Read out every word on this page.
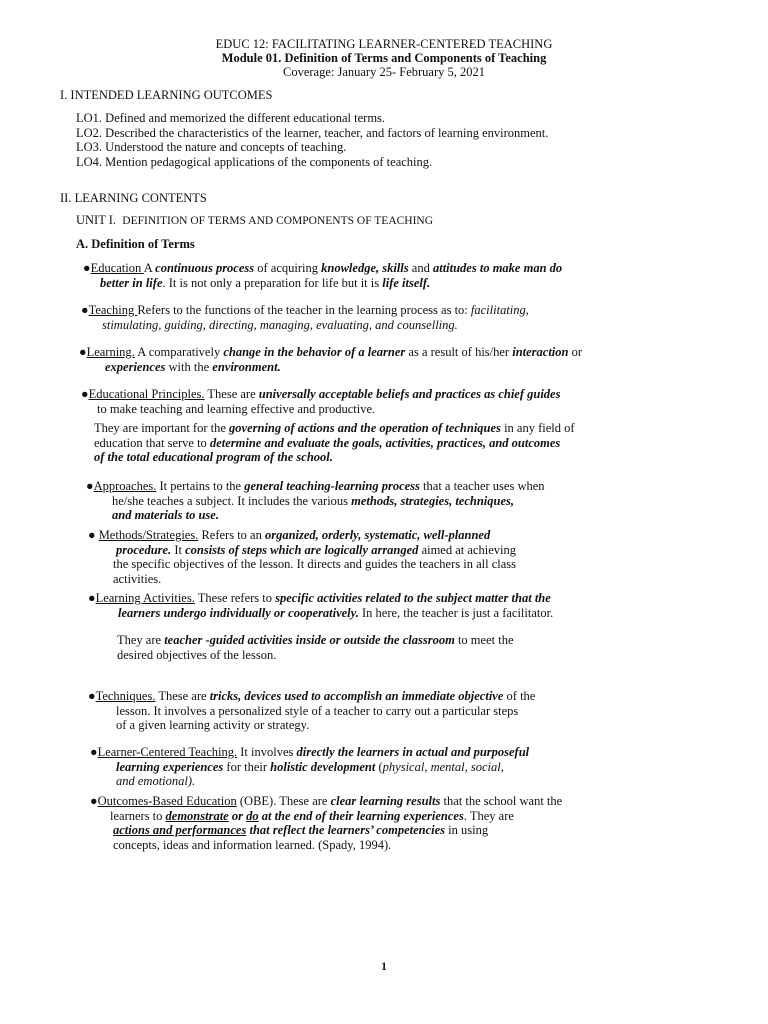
EDUC 12: FACILITATING LEARNER-CENTERED TEACHING
Module 01. Definition of Terms and Components of Teaching
Coverage: January 25- February 5, 2021
I. INTENDED LEARNING OUTCOMES
LO1. Defined and memorized the different educational terms.
LO2. Described the characteristics of the learner, teacher, and factors of learning environment.
LO3. Understood the nature and concepts of teaching.
LO4. Mention pedagogical applications of the components of teaching.
II. LEARNING CONTENTS
UNIT I. DEFINITION OF TERMS AND COMPONENTS OF TEACHING
A. Definition of Terms
●Education A continuous process of acquiring knowledge, skills and attitudes to make man do
better in life. It is not only a preparation for life but it is life itself.
●Teaching Refers to the functions of the teacher in the learning process as to: facilitating,
stimulating, guiding, directing, managing, evaluating, and counselling.
●Learning. A comparatively change in the behavior of a learner as a result of his/her interaction or
experiences with the environment.
●Educational Principles. These are universally acceptable beliefs and practices as chief guides
to make teaching and learning effective and productive.
They are important for the governing of actions and the operation of techniques in any field of
education that serve to determine and evaluate the goals, activities, practices, and outcomes
of the total educational program of the school.
●Approaches. It pertains to the general teaching-learning process that a teacher uses when
he/she teaches a subject. It includes the various methods, strategies, techniques,
and materials to use.
● Methods/Strategies. Refers to an organized, orderly, systematic, well-planned
procedure. It consists of steps which are logically arranged aimed at achieving
the specific objectives of the lesson. It directs and guides the teachers in all class
activities.
●Learning Activities. These refers to specific activities related to the subject matter that the
learners undergo individually or cooperatively. In here, the teacher is just a facilitator.
They are teacher -guided activities inside or outside the classroom to meet the
desired objectives of the lesson.
●Techniques. These are tricks, devices used to accomplish an immediate objective of the
lesson. It involves a personalized style of a teacher to carry out a particular steps
of a given learning activity or strategy.
●Learner-Centered Teaching. It involves directly the learners in actual and purposeful
learning experiences for their holistic development (physical, mental, social,
and emotional).
●Outcomes-Based Education (OBE). These are clear learning results that the school want the
learners to demonstrate or do at the end of their learning experiences. They are
actions and performances that reflect the learners’ competencies in using
concepts, ideas and information learned. (Spady, 1994).
1
